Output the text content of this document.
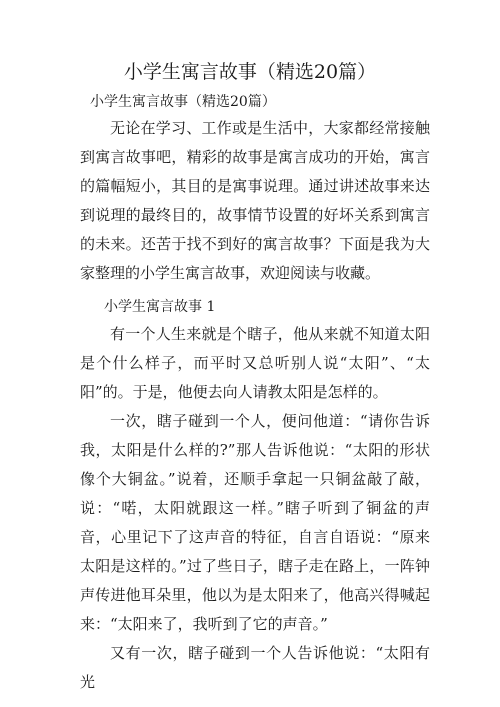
小学生寓言故事（精选20篇）
小学生寓言故事（精选20篇）

无论在学习、工作或是生活中，大家都经常接触到寓言故事吧，精彩的故事是寓言成功的开始，寓言的篇幅短小，其目的是寓事说理。通过讲述故事来达到说理的最终目的，故事情节设置的好坏关系到寓言的未来。还苦于找不到好的寓言故事？下面是我为大家整理的小学生寓言故事，欢迎阅读与收藏。

小学生寓言故事 1

有一个人生来就是个瞎子，他从来就不知道太阳是个什么样子，而平时又总听别人说“太阳”、“太阳”的。于是，他便去向人请教太阳是怎样的。

一次，瞎子碰到一个人，便问他道：“请你告诉我，太阳是什么样的?”那人告诉他说：“太阳的形状像个大铜盆。”说着，还顺手拿起一只铜盆敲了敲，说：“喏，太阳就跟这一样。”瞎子听到了铜盆的声音，心里记下了这声音的特征，自言自语说：“原来太阳是这样的。”过了些日子，瞎子走在路上，一阵钟声传进他耳朵里，他以为是太阳来了，他高兴得喊起来：“太阳来了，我听到了它的声音。”

又有一次，瞎子碰到一个人告诉他说：“太阳有光
